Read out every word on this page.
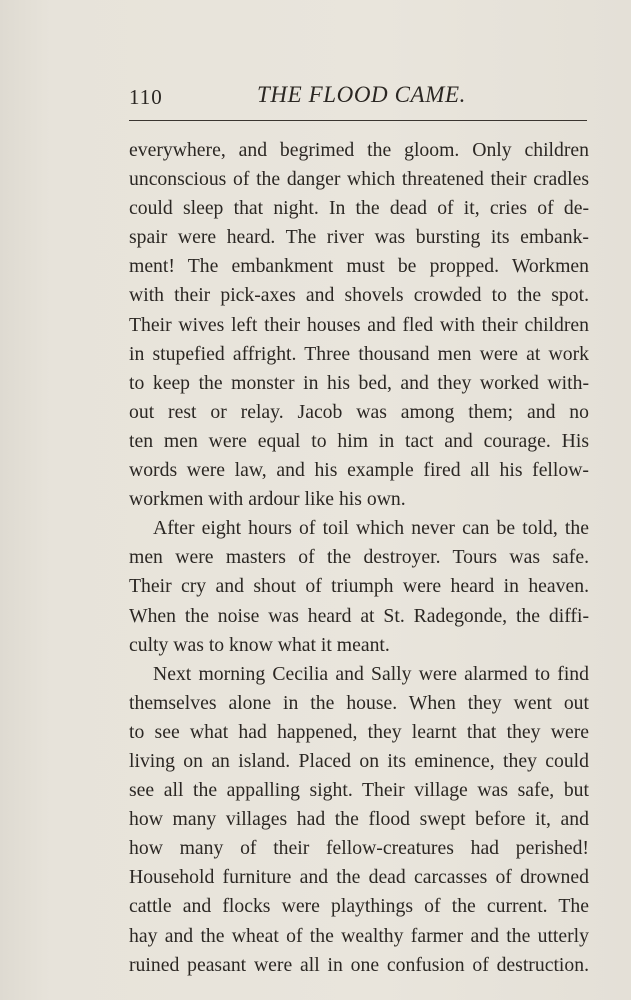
110	THE FLOOD CAME.
everywhere, and begrimed the gloom. Only children
unconscious of the danger which threatened their cradles
could sleep that night. In the dead of it, cries of de-
spair were heard. The river was bursting its embank-
ment! The embankment must be propped. Workmen
with their pick-axes and shovels crowded to the spot.
Their wives left their houses and fled with their children
in stupefied affright. Three thousand men were at work
to keep the monster in his bed, and they worked with-
out rest or relay. Jacob was among them; and no
ten men were equal to him in tact and courage. His
words were law, and his example fired all his fellow-
workmen with ardour like his own.
After eight hours of toil which never can be told, the
men were masters of the destroyer. Tours was safe.
Their cry and shout of triumph were heard in heaven.
When the noise was heard at St. Radegonde, the diffi-
culty was to know what it meant.
Next morning Cecilia and Sally were alarmed to find
themselves alone in the house. When they went out
to see what had happened, they learnt that they were
living on an island. Placed on its eminence, they could
see all the appalling sight. Their village was safe, but
how many villages had the flood swept before it, and
how many of their fellow-creatures had perished!
Household furniture and the dead carcasses of drowned
cattle and flocks were playthings of the current. The
hay and the wheat of the wealthy farmer and the utterly
ruined peasant were all in one confusion of destruction.
